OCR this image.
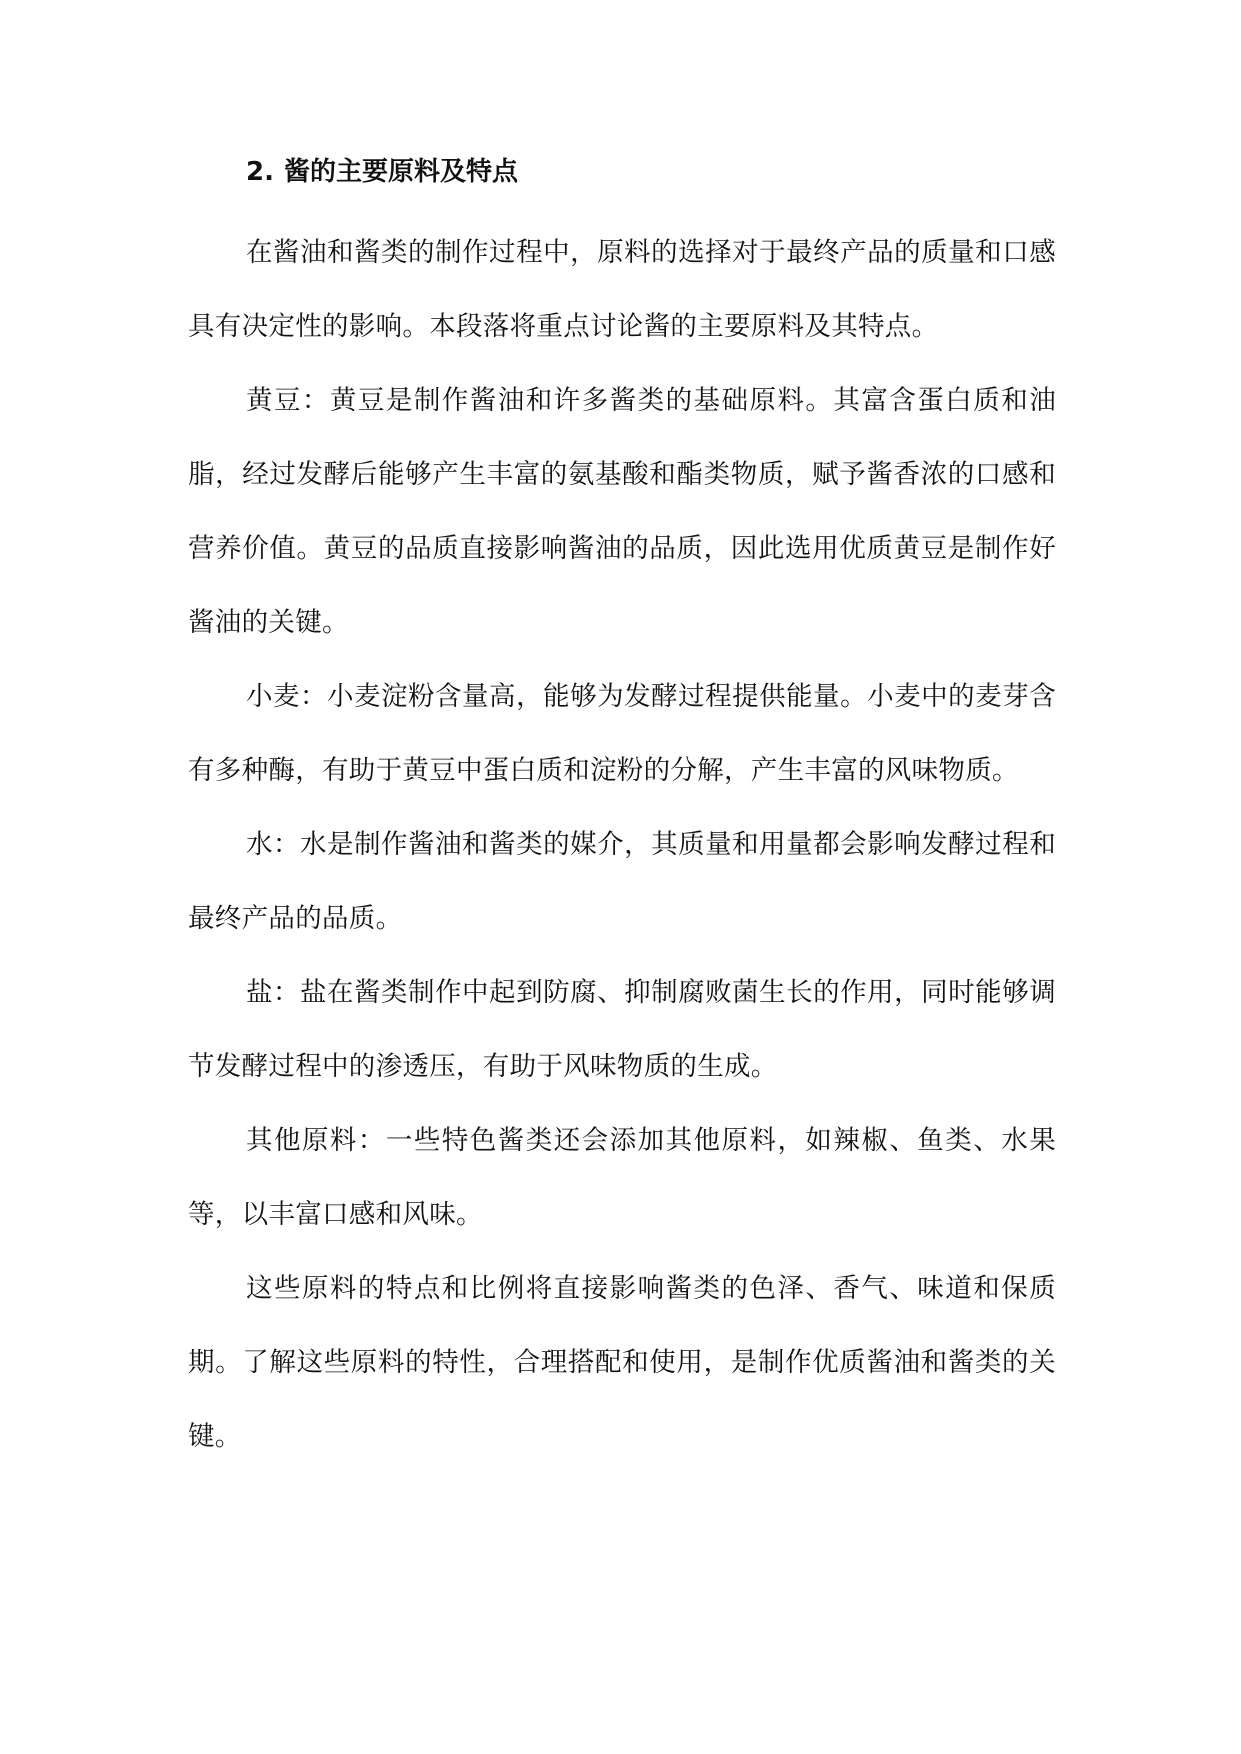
2. 酱的主要原料及特点

在酱油和酱类的制作过程中，原料的选择对于最终产品的质量和口感具有决定性的影响。本段落将重点讨论酱的主要原料及其特点。

黄豆：黄豆是制作酱油和许多酱类的基础原料。其富含蛋白质和油脂，经过发酵后能够产生丰富的氨基酸和酯类物质，赋予酱香浓的口感和营养价值。黄豆的品质直接影响酱油的品质，因此选用优质黄豆是制作好酱油的关键。

小麦：小麦淀粉含量高，能够为发酵过程提供能量。小麦中的麦芽含有多种酶，有助于黄豆中蛋白质和淀粉的分解，产生丰富的风味物质。

水：水是制作酱油和酱类的媒介，其质量和用量都会影响发酵过程和最终产品的品质。

盐：盐在酱类制作中起到防腐、抑制腐败菌生长的作用，同时能够调节发酵过程中的渗透压，有助于风味物质的生成。

其他原料：一些特色酱类还会添加其他原料，如辣椒、鱼类、水果等，以丰富口感和风味。

这些原料的特点和比例将直接影响酱类的色泽、香气、味道和保质期。了解这些原料的特性，合理搭配和使用，是制作优质酱油和酱类的关键。
